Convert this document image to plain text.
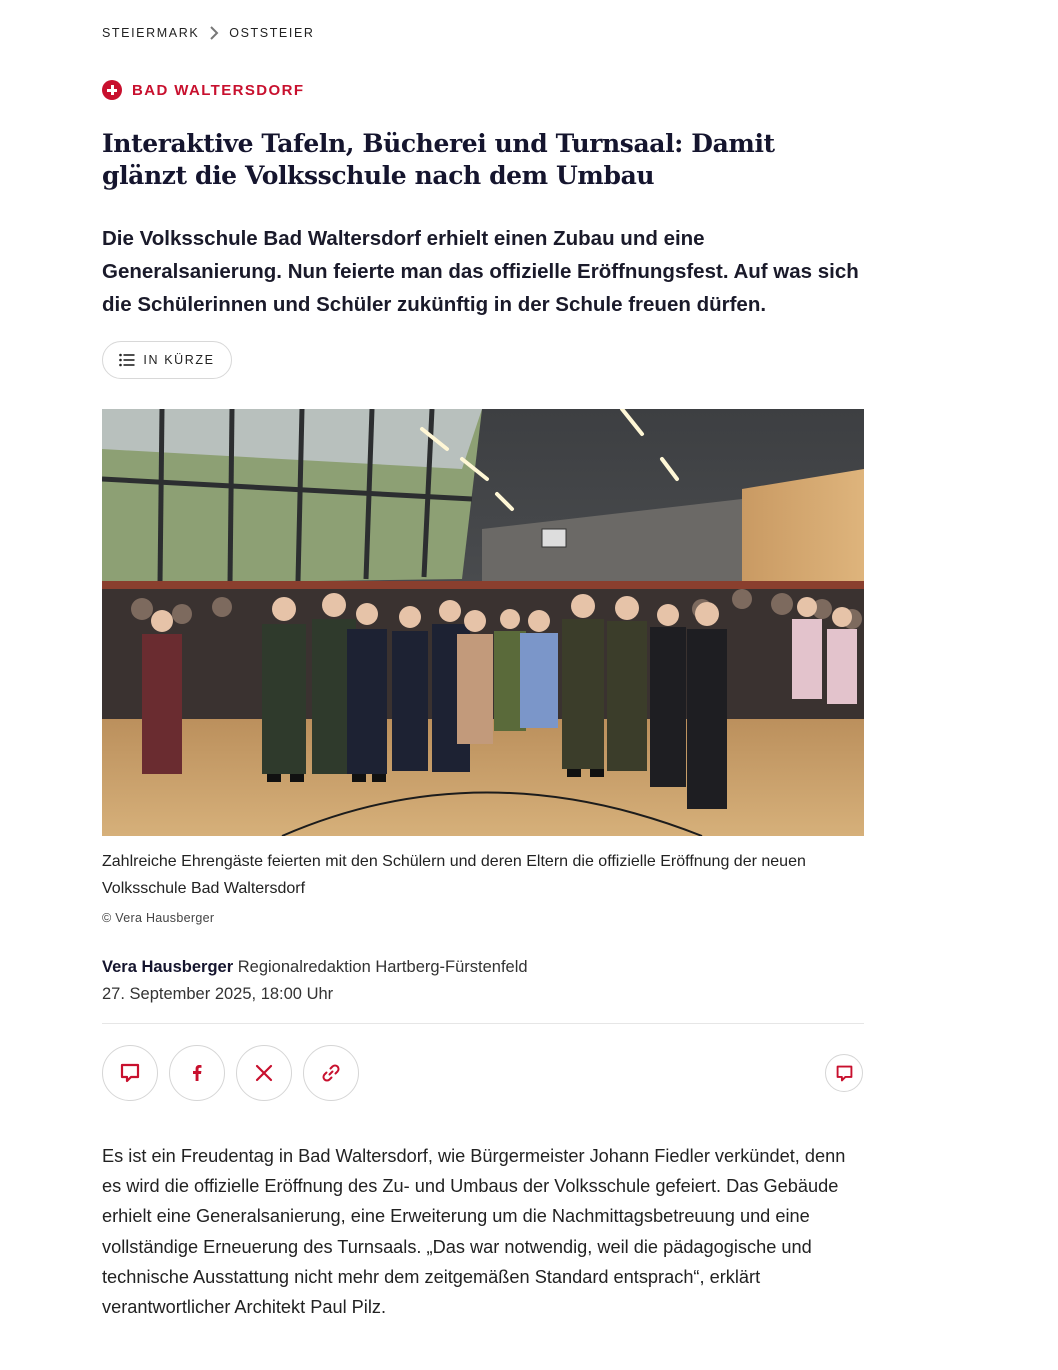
STEIERMARK OSTSTEIER
BAD WALTERSDORF
Interaktive Tafeln, Bücherei und Turnsaal: Damit glänzt die Volksschule nach dem Umbau

Die Volksschule Bad Waltersdorf erhielt einen Zubau und eine Generalsanierung. Nun feierte man das offizielle Eröffnungsfest. Auf was sich die Schülerinnen und Schüler zukünftig in der Schule freuen dürfen.

IN KÜRZE

Zahlreiche Ehrengäste feierten mit den Schülern und deren Eltern die offizielle Eröffnung der neuen Volksschule Bad Waltersdorf

© Vera Hausberger

Vera Hausberger Regionalredaktion Hartberg-Fürstenfeld
27. September 2025, 18:00 Uhr

Es ist ein Freudentag in Bad Waltersdorf, wie Bürgermeister Johann Fiedler verkündet, denn es wird die offizielle Eröffnung des Zu- und Umbaus der Volksschule gefeiert. Das Gebäude erhielt eine Generalsanierung, eine Erweiterung um die Nachmittagsbetreuung und eine vollständige Erneuerung des Turnsaals. „Das war notwendig, weil die pädagogische und technische Ausstattung nicht mehr dem zeitgemäßen Standard entsprach“, erklärt verantwortlicher Architekt Paul Pilz.
